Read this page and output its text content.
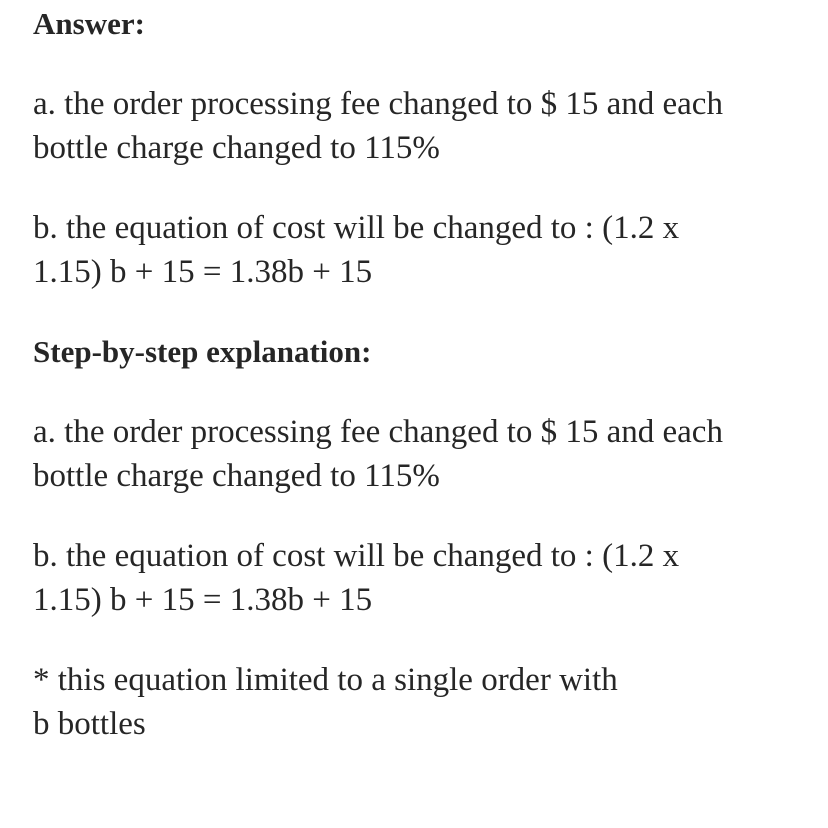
Answer:
a. the order processing fee changed to $ 15 and each
bottle charge changed to 115%
b. the equation of cost will be changed to : (1.2 x
1.15) b + 15 = 1.38b + 15
Step-by-step explanation:
a. the order processing fee changed to $ 15 and each
bottle charge changed to 115%
b. the equation of cost will be changed to : (1.2 x
1.15) b + 15 = 1.38b + 15
* this equation limited to a single order with
b bottles
